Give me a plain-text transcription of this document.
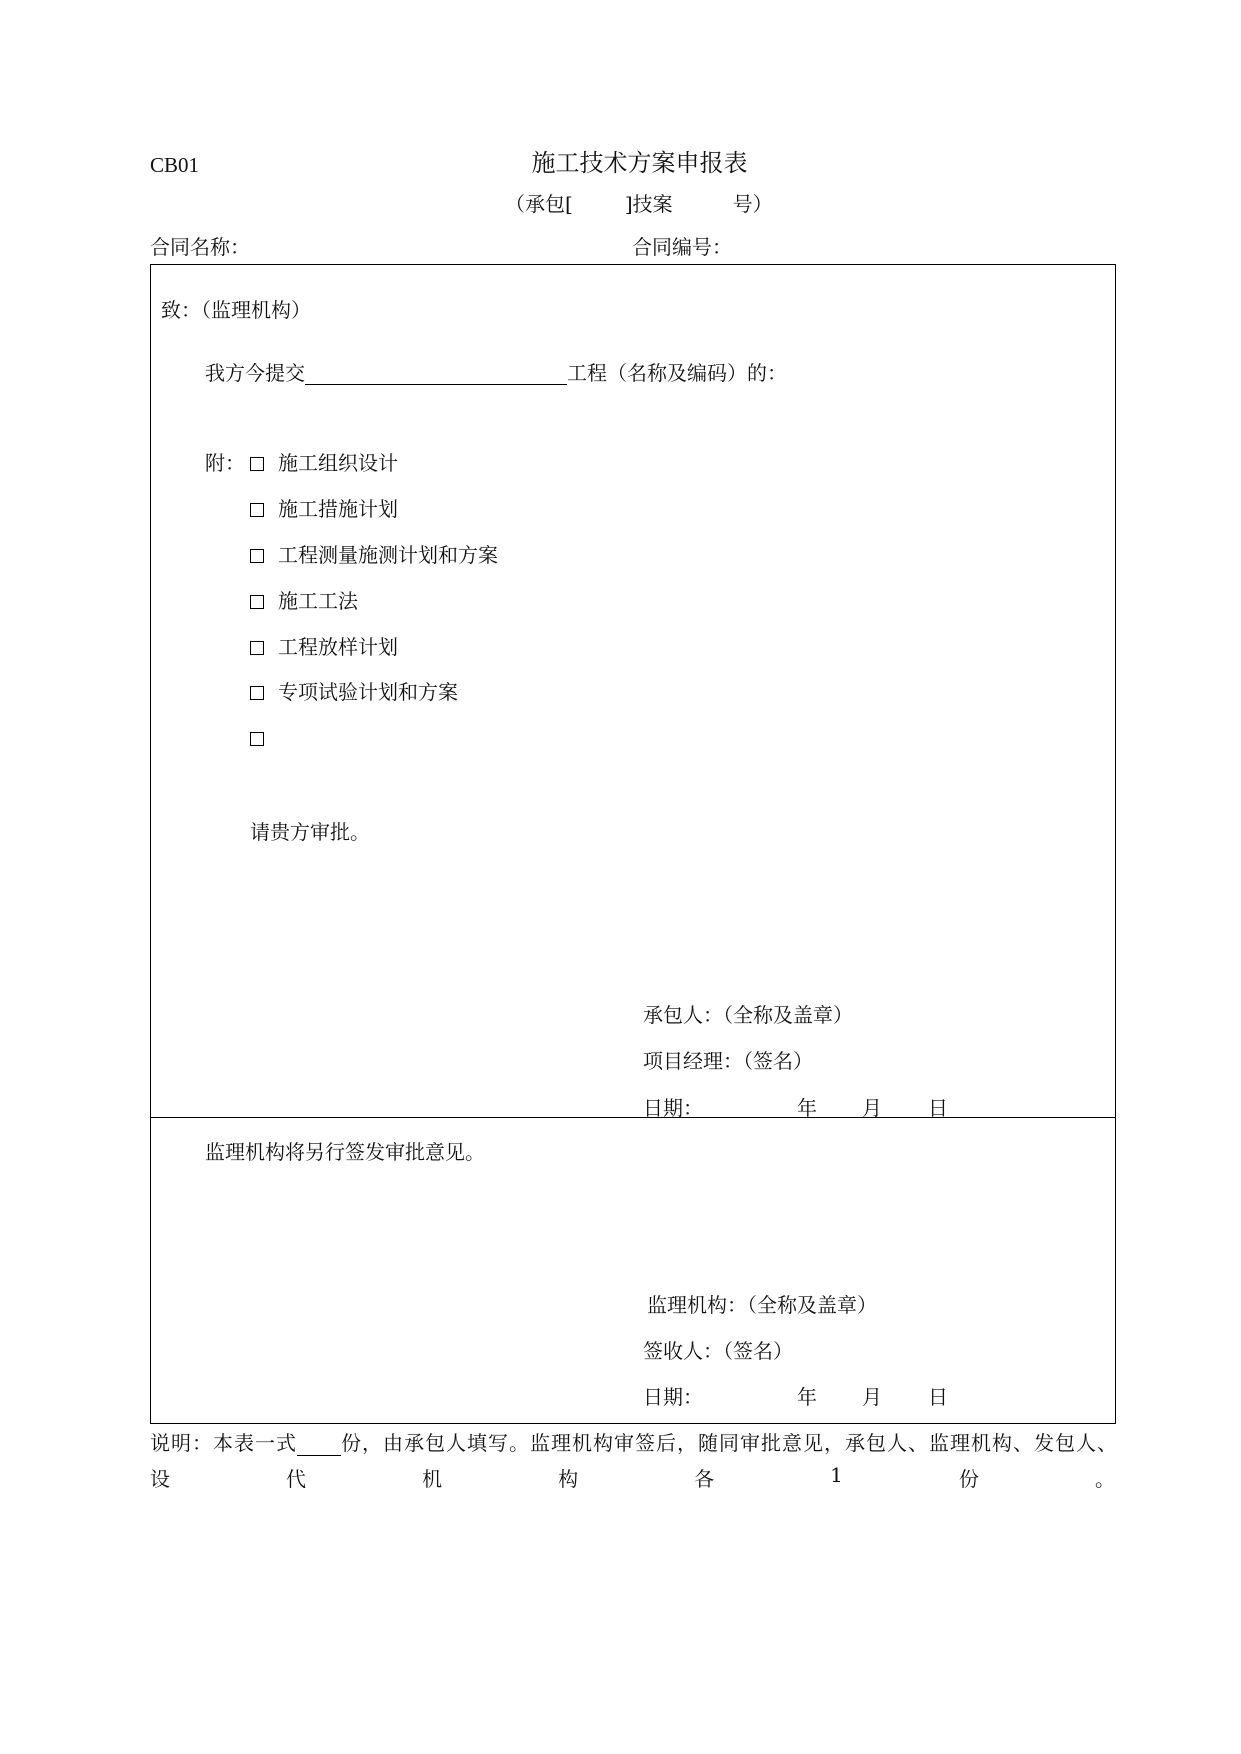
CB01	施工技术方案申报表
（承包[	]技案	号）
合同名称：	合同编号：
致：（监理机构）
我方今提交	工程（名称及编码）的：
附：	施工组织设计
施工措施计划
工程测量施测计划和方案
施工工法
工程放样计划
专项试验计划和方案
请贵方审批。
承包人：（全称及盖章）
项目经理：（签名）
日期：	年 月 日
监理机构将另行签发审批意见。
监理机构：（全称及盖章）
签收人：（签名）
日期：	年 月 日
说明：本表一式 份，由承包人填写。监理机构审签后，随同审批意见，承包人、监理机构、发包人、
设	代	机	构	各	1	份	。
